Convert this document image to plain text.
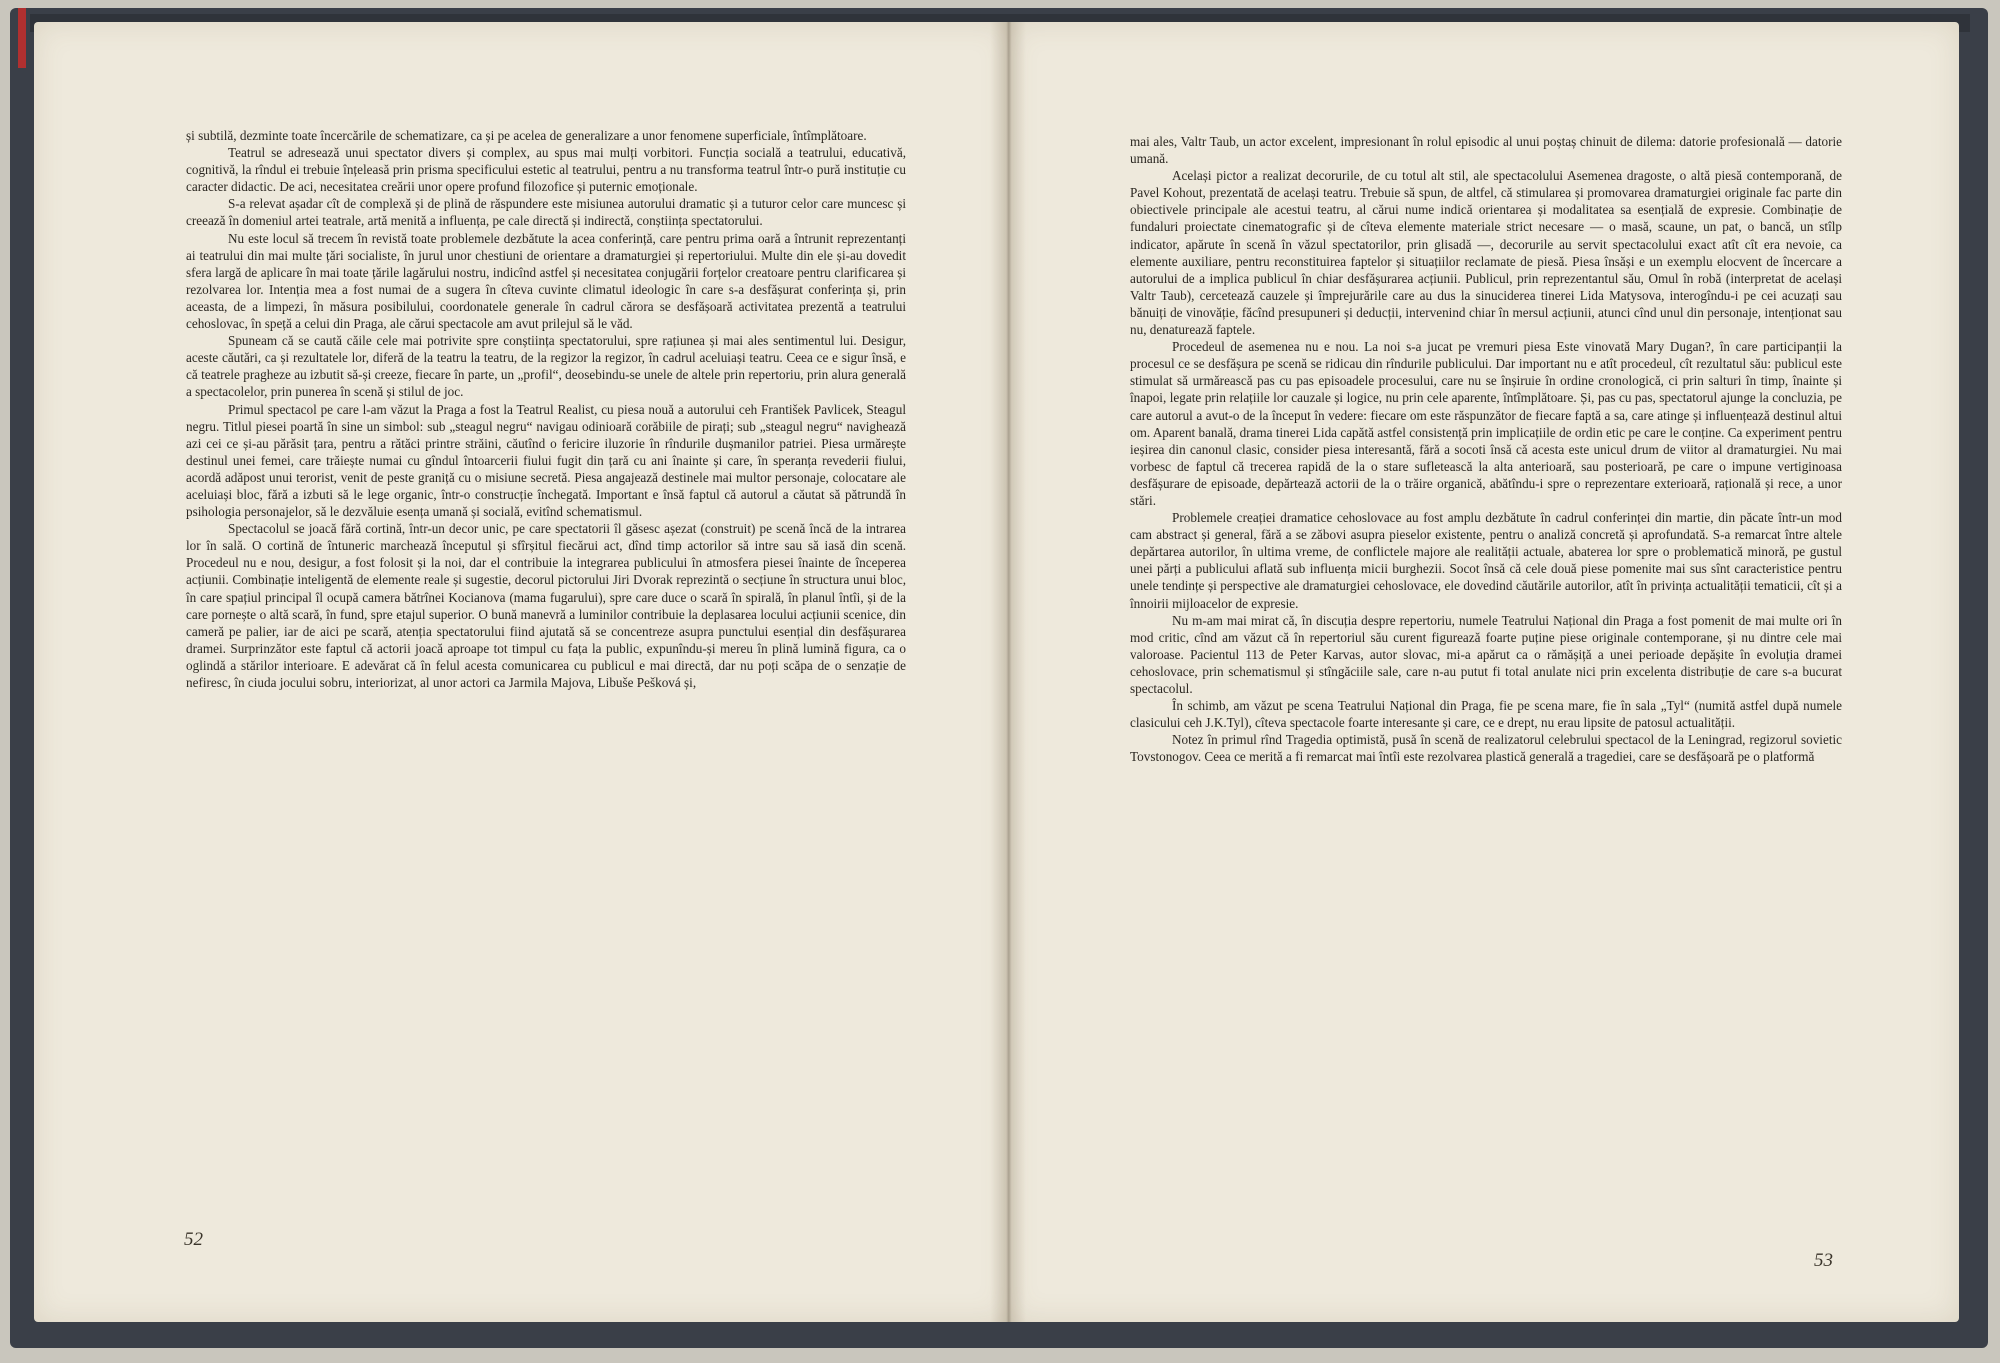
și subtilă, dezminte toate încercările de schematizare, ca și pe acelea de generalizare a unor fenomene superficiale, întîmplătoare.

Teatrul se adresează unui spectator divers și complex, au spus mai mulți vorbitori. Funcția socială a teatrului, educativă, cognitivă, la rîndul ei trebuie înțeleasă prin prisma specificului estetic al teatrului, pentru a nu transforma teatrul într-o pură instituție cu caracter didactic. De aci, necesitatea creării unor opere profund filozofice și puternic emoționale.

S-a relevat așadar cît de complexă și de plină de răspundere este misiunea autorului dramatic și a tuturor celor care muncesc și creează în domeniul artei teatrale, artă menită a influența, pe cale directă și indirectă, conștiința spectatorului.

Nu este locul să trecem în revistă toate problemele dezbătute la acea conferință, care pentru prima oară a întrunit reprezentanți ai teatrului din mai multe țări socialiste, în jurul unor chestiuni de orientare a dramaturgiei și repertoriului. Multe din ele și-au dovedit sfera largă de aplicare în mai toate țările lagărului nostru, indicînd astfel și necesitatea conjugării forțelor creatoare pentru clarificarea și rezolvarea lor. Intenția mea a fost numai de a sugera în cîteva cuvinte climatul ideologic în care s-a desfășurat conferința și, prin aceasta, de a limpezi, în măsura posibilului, coordonatele generale în cadrul cărora se desfășoară activitatea prezentă a teatrului cehoslovac, în speță a celui din Praga, ale cărui spectacole am avut prilejul să le văd.

Spuneam că se caută căile cele mai potrivite spre conștiința spectatorului, spre rațiunea și mai ales sentimentul lui. Desigur, aceste căutări, ca și rezultatele lor, diferă de la teatru la teatru, de la regizor la regizor, în cadrul aceluiași teatru. Ceea ce e sigur însă, e că teatrele pragheze au izbutit să-și creeze, fiecare în parte, un „profil“, deosebindu-se unele de altele prin repertoriu, prin alura generală a spectacolelor, prin punerea în scenă și stilul de joc.

Primul spectacol pe care l-am văzut la Praga a fost la Teatrul Realist, cu piesa nouă a autorului ceh František Pavlicek, Steagul negru. Titlul piesei poartă în sine un simbol: sub „steagul negru“ navigau odinioară corăbiile de pirați; sub „steagul negru“ navighează azi cei ce și-au părăsit țara, pentru a rătăci printre străini, căutînd o fericire iluzorie în rîndurile dușmanilor patriei. Piesa urmărește destinul unei femei, care trăiește numai cu gîndul întoarcerii fiului fugit din țară cu ani înainte și care, în speranța revederii fiului, acordă adăpost unui terorist, venit de peste graniță cu o misiune secretă. Piesa angajează destinele mai multor personaje, colocatare ale aceluiași bloc, fără a izbuti să le lege organic, într-o construcție închegată. Important e însă faptul că autorul a căutat să pătrundă în psihologia personajelor, să le dezvăluie esența umană și socială, evitînd schematismul.

Spectacolul se joacă fără cortină, într-un decor unic, pe care spectatorii îl găsesc așezat (construit) pe scenă încă de la intrarea lor în sală. O cortină de întuneric marchează începutul și sfîrșitul fiecărui act, dînd timp actorilor să intre sau să iasă din scenă. Procedeul nu e nou, desigur, a fost folosit și la noi, dar el contribuie la integrarea publicului în atmosfera piesei înainte de începerea acțiunii. Combinație inteligentă de elemente reale și sugestie, decorul pictorului Jiri Dvorak reprezintă o secțiune în structura unui bloc, în care spațiul principal îl ocupă camera bătrînei Kocianova (mama fugarului), spre care duce o scară în spirală, în planul întîi, și de la care pornește o altă scară, în fund, spre etajul superior. O bună manevră a luminilor contribuie la deplasarea locului acțiunii scenice, din cameră pe palier, iar de aici pe scară, atenția spectatorului fiind ajutată să se concentreze asupra punctului esențial din desfășurarea dramei. Surprinzător este faptul că actorii joacă aproape tot timpul cu fața la public, expunîndu-și mereu în plină lumină figura, ca o oglindă a stărilor interioare. E adevărat că în felul acesta comunicarea cu publicul e mai directă, dar nu poți scăpa de o senzație de nefiresc, în ciuda jocului sobru, interiorizat, al unor actori ca Jarmila Majova, Libuše Pešková și,

52

mai ales, Valtr Taub, un actor excelent, impresionant în rolul episodic al unui poștaș chinuit de dilema: datorie profesională — datorie umană.

Același pictor a realizat decorurile, de cu totul alt stil, ale spectacolului Asemenea dragoste, o altă piesă contemporană, de Pavel Kohout, prezentată de același teatru. Trebuie să spun, de altfel, că stimularea și promovarea dramaturgiei originale fac parte din obiectivele principale ale acestui teatru, al cărui nume indică orientarea și modalitatea sa esențială de expresie. Combinație de fundaluri proiectate cinematografic și de cîteva elemente materiale strict necesare — o masă, scaune, un pat, o bancă, un stîlp indicator, apărute în scenă în văzul spectatorilor, prin glisadă —, decorurile au servit spectacolului exact atît cît era nevoie, ca elemente auxiliare, pentru reconstituirea faptelor și situațiilor reclamate de piesă. Piesa însăși e un exemplu elocvent de încercare a autorului de a implica publicul în chiar desfășurarea acțiunii. Publicul, prin reprezentantul său, Omul în robă (interpretat de același Valtr Taub), cercetează cauzele și împrejurările care au dus la sinuciderea tinerei Lida Matysova, interogîndu-i pe cei acuzați sau bănuiți de vinovăție, făcînd presupuneri și deducții, intervenind chiar în mersul acțiunii, atunci cînd unul din personaje, intenționat sau nu, denaturează faptele.

Procedeul de asemenea nu e nou. La noi s-a jucat pe vremuri piesa Este vinovată Mary Dugan?, în care participanții la procesul ce se desfășura pe scenă se ridicau din rîndurile publicului. Dar important nu e atît procedeul, cît rezultatul său: publicul este stimulat să urmărească pas cu pas episoadele procesului, care nu se înșiruie în ordine cronologică, ci prin salturi în timp, înainte și înapoi, legate prin relațiile lor cauzale și logice, nu prin cele aparente, întîmplătoare. Și, pas cu pas, spectatorul ajunge la concluzia, pe care autorul a avut-o de la început în vedere: fiecare om este răspunzător de fiecare faptă a sa, care atinge și influențează destinul altui om. Aparent banală, drama tinerei Lida capătă astfel consistență prin implicațiile de ordin etic pe care le conține. Ca experiment pentru ieșirea din canonul clasic, consider piesa interesantă, fără a socoti însă că acesta este unicul drum de viitor al dramaturgiei. Nu mai vorbesc de faptul că trecerea rapidă de la o stare sufletească la alta anterioară, sau posterioară, pe care o impune vertiginoasa desfășurare de episoade, depărtează actorii de la o trăire organică, abătîndu-i spre o reprezentare exterioară, rațională și rece, a unor stări.

Problemele creației dramatice cehoslovace au fost amplu dezbătute în cadrul conferinței din martie, din păcate într-un mod cam abstract și general, fără a se zăbovi asupra pieselor existente, pentru o analiză concretă și aprofundată. S-a remarcat între altele depărtarea autorilor, în ultima vreme, de conflictele majore ale realității actuale, abaterea lor spre o problematică minoră, pe gustul unei părți a publicului aflată sub influența micii burghezii. Socot însă că cele două piese pomenite mai sus sînt caracteristice pentru unele tendințe și perspective ale dramaturgiei cehoslovace, ele dovedind căutările autorilor, atît în privința actualității tematicii, cît și a înnoirii mijloacelor de expresie.

Nu m-am mai mirat că, în discuția despre repertoriu, numele Teatrului Național din Praga a fost pomenit de mai multe ori în mod critic, cînd am văzut că în repertoriul său curent figurează foarte puține piese originale contemporane, și nu dintre cele mai valoroase. Pacientul 113 de Peter Karvas, autor slovac, mi-a apărut ca o rămășiță a unei perioade depășite în evoluția dramei cehoslovace, prin schematismul și stîngăciile sale, care n-au putut fi total anulate nici prin excelenta distribuție de care s-a bucurat spectacolul.

În schimb, am văzut pe scena Teatrului Național din Praga, fie pe scena mare, fie în sala „Tyl“ (numită astfel după numele clasicului ceh J.K.Tyl), cîteva spectacole foarte interesante și care, ce e drept, nu erau lipsite de patosul actualității.

Notez în primul rînd Tragedia optimistă, pusă în scenă de realizatorul celebrului spectacol de la Leningrad, regizorul sovietic Tovstonogov. Ceea ce merită a fi remarcat mai întîi este rezolvarea plastică generală a tragediei, care se desfășoară pe o platformă

53
